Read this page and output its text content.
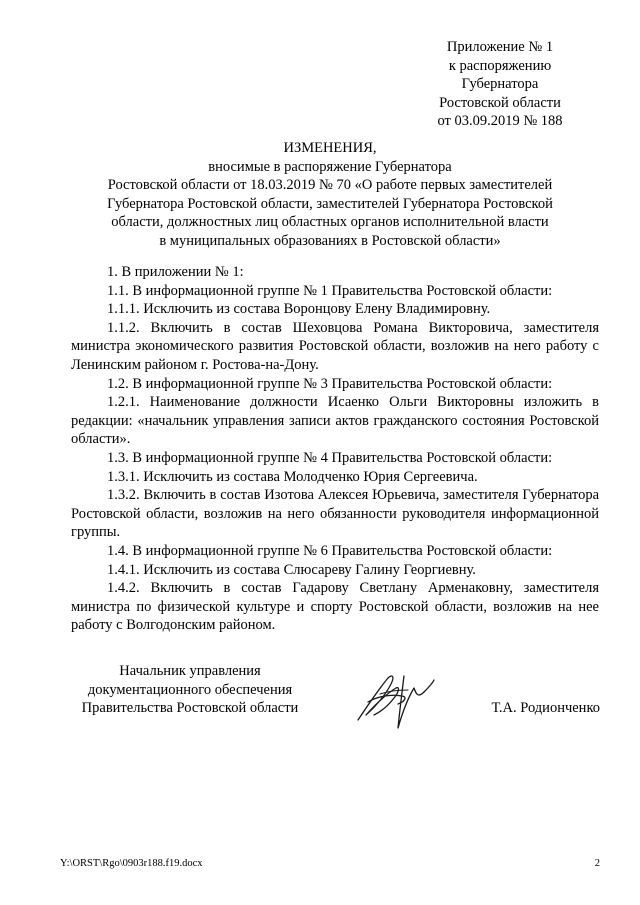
Приложение № 1
к распоряжению
Губернатора
Ростовской области
от 03.09.2019 № 188
ИЗМЕНЕНИЯ,
вносимые в распоряжение Губернатора
Ростовской области от 18.03.2019 № 70 «О работе первых заместителей
Губернатора Ростовской области, заместителей Губернатора Ростовской
области, должностных лиц областных органов исполнительной власти
в муниципальных образованиях в Ростовской области»

1. В приложении № 1:

1.1. В информационной группе № 1 Правительства Ростовской области:

1.1.1. Исключить из состава Воронцову Елену Владимировну.

1.1.2. Включить в состав Шеховцова Романа Викторовича, заместителя министра экономического развития Ростовской области, возложив на него работу с Ленинским районом г. Ростова-на-Дону.

1.2. В информационной группе № 3 Правительства Ростовской области:

1.2.1. Наименование должности Исаенко Ольги Викторовны изложить в редакции: «начальник управления записи актов гражданского состояния Ростовской области».

1.3. В информационной группе № 4 Правительства Ростовской области:

1.3.1. Исключить из состава Молодченко Юрия Сергеевича.

1.3.2. Включить в состав Изотова Алексея Юрьевича, заместителя Губернатора Ростовской области, возложив на него обязанности руководителя информационной группы.

1.4. В информационной группе № 6 Правительства Ростовской области:

1.4.1. Исключить из состава Слюсареву Галину Георгиевну.

1.4.2. Включить в состав Гадарову Светлану Арменаковну, заместителя министра по физической культуре и спорту Ростовской области, возложив на нее работу с Волгодонским районом.

Начальник управления
документационного обеспечения
Правительства Ростовской области	Т.А. Родионченко
Y:\ORST\Rgo\0903r188.f19.docx	2
